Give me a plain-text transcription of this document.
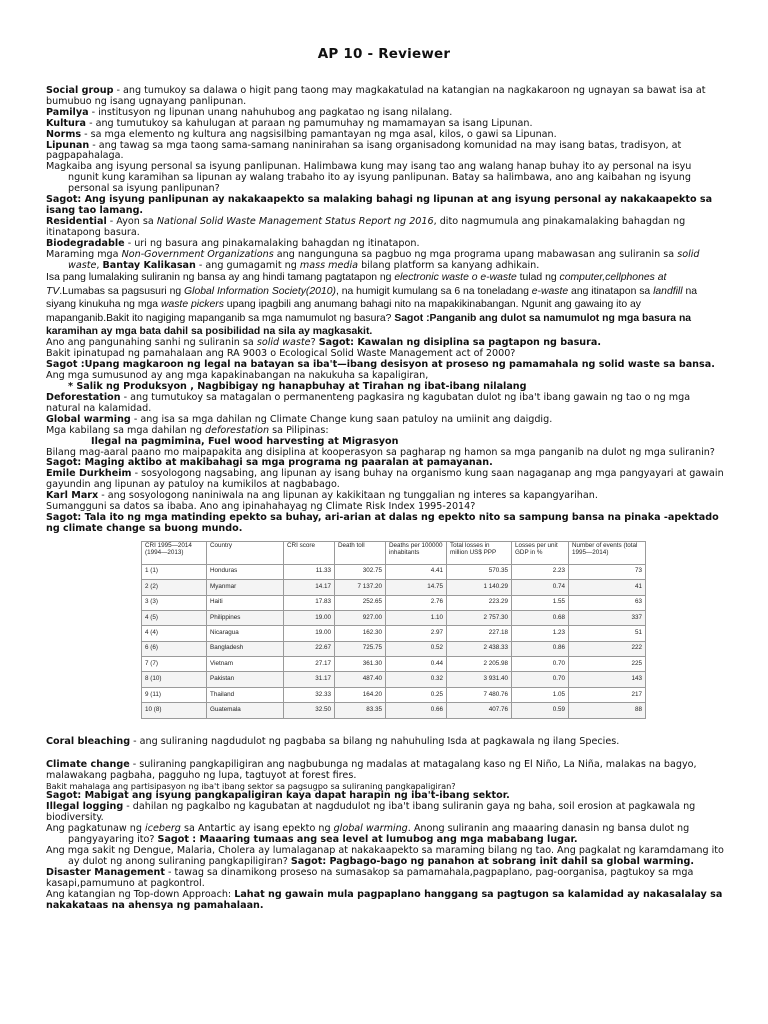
AP 10 - Reviewer

Social group - ang tumukoy sa dalawa o higit pang taong may magkakatulad na katangian na nagkakaroon ng ugnayan sa bawat isa at bumubuo ng isang ugnayang panlipunan.

Pamilya - institusyon ng lipunan unang nahuhubog ang pagkatao ng isang nilalang.

Kultura - ang tumutukoy sa kahulugan at paraan ng pamumuhay ng mamamayan sa isang Lipunan.

Norms - sa mga elemento ng kultura ang nagsisilbing pamantayan ng mga asal, kilos, o gawi sa Lipunan.

Lipunan - ang tawag sa mga taong sama-samang naninirahan sa isang organisadong komunidad na may isang batas, tradisyon, at pagpapahalaga.

Magkaiba ang isyung personal sa isyung panlipunan. Halimbawa kung may isang tao ang walang hanap buhay ito ay personal na isyu ngunit kung karamihan sa lipunan ay walang trabaho ito ay isyung panlipunan. Batay sa halimbawa, ano ang kaibahan ng isyung personal sa isyung panlipunan?

Sagot: Ang isyung panlipunan ay nakakaapekto sa malaking bahagi ng lipunan at ang isyung personal ay nakakaapekto sa isang tao lamang.

Residential - Ayon sa National Solid Waste Management Status Report ng 2016, dito nagmumula ang pinakamalaking bahagdan ng itinatapong basura.

Biodegradable - uri ng basura ang pinakamalaking bahagdan ng itinatapon.

Maraming mga Non-Government Organizations ang nangunguna sa pagbuo ng mga programa upang mabawasan ang suliranin sa solid waste, Bantay Kalikasan - ang gumagamit ng mass media bilang platform sa kanyang adhikain.

Isa pang lumalaking suliranin ng bansa ay ang hindi tamang pagtatapon ng electronic waste o e-waste tulad ng computer,cellphones at TV.Lumabas sa pagsusuri ng Global Information Society(2010), na humigit kumulang sa 6 na toneladang e-waste ang itinatapon sa landfill na siyang kinukuha ng mga waste pickers upang ipagbili ang anumang bahagi nito na mapakikinabangan. Ngunit ang gawaing ito ay mapanganib.Bakit ito nagiging mapanganib sa mga namumulot ng basura? Sagot :Panganib ang dulot sa namumulot ng mga basura na karamihan ay mga bata dahil sa posibilidad na sila ay magkasakit.

Ano ang pangunahing sanhi ng suliranin sa solid waste? Sagot: Kawalan ng disiplina sa pagtapon ng basura.

Bakit ipinatupad ng pamahalaan ang RA 9003 o Ecological Solid Waste Management act of 2000?

Sagot :Upang magkaroon ng legal na batayan sa iba't—ibang desisyon at proseso ng pamamahala ng solid waste sa bansa.

Ang mga sumusunod ay ang mga kapakinabangan na nakukuha sa kapaligiran,

* Salik ng Produksyon , Nagbibigay ng hanapbuhay at Tirahan ng ibat-ibang nilalang

Deforestation - ang tumutukoy sa matagalan o permanenteng pagkasira ng kagubatan dulot ng iba't ibang gawain ng tao o ng mga natural na kalamidad.

Global warming - ang isa sa mga dahilan ng Climate Change kung saan patuloy na umiinit ang daigdig.

Mga kabilang sa mga dahilan ng deforestation sa Pilipinas:

Ilegal na pagmimina, Fuel wood harvesting at Migrasyon

Bilang mag-aaral paano mo maipapakita ang disiplina at kooperasyon sa pagharap ng hamon sa mga panganib na dulot ng mga suliranin? Sagot: Maging aktibo at makibahagi sa mga programa ng paaralan at pamayanan.

Emile Durkheim - sosyologong nagsabing, ang lipunan ay isang buhay na organismo kung saan nagaganap ang mga pangyayari at gawain gayundin ang lipunan ay patuloy na kumikilos at nagbabago.

Karl Marx - ang sosyologong naniniwala na ang lipunan ay kakikitaan ng tunggalian ng interes sa kapangyarihan.

Sumangguni sa datos sa ibaba. Ano ang ipinahahayag ng Climate Risk Index 1995-2014?

Sagot: Tala ito ng mga matinding epekto sa buhay, ari-arian at dalas ng epekto nito sa sampung bansa na pinaka -apektado ng climate change sa buong mundo.

CRI 1995—2014 (1994—2013)	Country	CRI score	Death toll	Deaths per 100000 inhabitants	Total losses in million US$ PPP	Losses per unit GDP in %	Number of events (total 1995—2014)
1 (1)	Honduras	11.33	302.75	4.41	570.35	2.23	73
2 (2)	Myanmar	14.17	7 137.20	14.75	1 140.29	0.74	41
3 (3)	Haiti	17.83	252.65	2.76	223.29	1.55	63
4 (5)	Philippines	19.00	927.00	1.10	2 757.30	0.68	337
4 (4)	Nicaragua	19.00	162.30	2.97	227.18	1.23	51
6 (6)	Bangladesh	22.67	725.75	0.52	2 438.33	0.86	222
7 (7)	Vietnam	27.17	361.30	0.44	2 205.98	0.70	225
8 (10)	Pakistan	31.17	487.40	0.32	3 931.40	0.70	143
9 (11)	Thailand	32.33	164.20	0.25	7 480.76	1.05	217
10 (8)	Guatemala	32.50	83.35	0.66	407.76	0.59	88

Coral bleaching - ang suliraning nagdudulot ng pagbaba sa bilang ng nahuhuling Isda at pagkawala ng ilang Species.

Climate change - suliraning pangkapiligiran ang nagbubunga ng madalas at matagalang kaso ng El Niño, La Niña, malakas na bagyo, malawakang pagbaha, pagguho ng lupa, tagtuyot at forest fires.

Bakit mahalaga ang partisipasyon ng iba't ibang sektor sa pagsugpo sa suliraning pangkapaligiran?

Sagot: Mabigat ang isyung pangkapaligiran kaya dapat harapin ng iba't-ibang sektor.

Illegal logging - dahilan ng pagkalbo ng kagubatan at nagdudulot ng iba't ibang suliranin gaya ng baha, soil erosion at pagkawala ng biodiversity.

Ang pagkatunaw ng iceberg sa Antartic ay isang epekto ng global warming. Anong suliranin ang maaaring danasin ng bansa dulot ng pangyayaring ito? Sagot : Maaaring tumaas ang sea level at lumubog ang mga mababang lugar.

Ang mga sakit ng Dengue, Malaria, Cholera ay lumalaganap at nakakaapekto sa maraming bilang ng tao. Ang pagkalat ng karamdamang ito ay dulot ng anong suliraning pangkapiligiran? Sagot: Pagbago-bago ng panahon at sobrang init dahil sa global warming.

Disaster Management - tawag sa dinamikong proseso na sumasakop sa pamamahala,pagpaplano, pag-oorganisa, pagtukoy sa mga kasapi,pamumuno at pagkontrol.

Ang katangian ng Top-down Approach: Lahat ng gawain mula pagpaplano hanggang sa pagtugon sa kalamidad ay nakasalalay sa nakakataas na ahensya ng pamahalaan.
